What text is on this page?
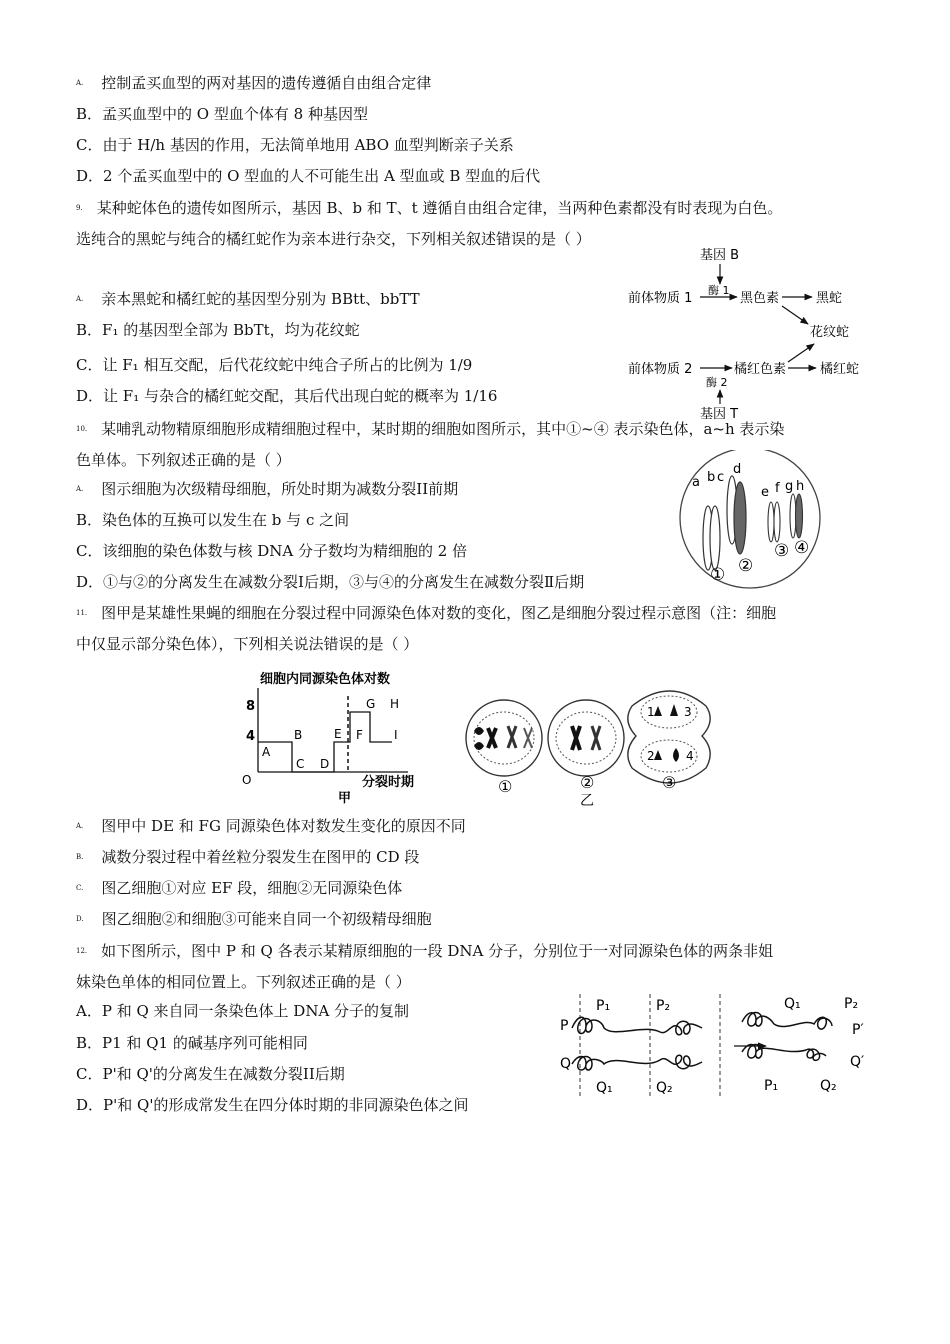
$^{A.}$ 控制孟买血型的两对基因的遗传遵循自由组合定律
B．孟买血型中的 O 型血个体有 8 种基因型
C．由于 H/h 基因的作用，无法简单地用 ABO 血型判断亲子关系
D．2 个孟买血型中的 O 型血的人不可能生出 A 型血或 B 型血的后代
$^{9.}$ 某种蛇体色的遗传如图所示，基因 B、b 和 T、t 遵循自由组合定律，当两种色素都没有时表现为白色。
选纯合的黑蛇与纯合的橘红蛇作为亲本进行杂交，下列相关叙述错误的是（ ）
$^{A.}$ 亲本黑蛇和橘红蛇的基因型分别为 BBtt、bbTT
B．F₁ 的基因型全部为 BbTt，均为花纹蛇
C．让 F₁ 相互交配，后代花纹蛇中纯合子所占的比例为 1/9
D．让 F₁ 与杂合的橘红蛇交配，其后代出现白蛇的概率为 1/16
基因 B
酶 1
前体物质 1	黑色素	黑蛇
花纹蛇
前体物质 2	橘红色素	橘红蛇
酶 2
基因 T
$^{10.}$ 某哺乳动物精原细胞形成精细胞过程中，某时期的细胞如图所示，其中①~④ 表示染色体，a~h 表示染
色单体。下列叙述正确的是（ ）
$^{A.}$ 图示细胞为次级精母细胞，所处时期为减数分裂II前期
B．染色体的互换可以发生在 b 与 c 之间
C．该细胞的染色体数与核 DNA 分子数均为精细胞的 2 倍
D．①与②的分离发生在减数分裂I后期，③与④的分离发生在减数分裂Ⅱ后期
a b c
d
e f g h
① ②
③ ④
$^{11.}$ 图甲是某雄性果蝇的细胞在分裂过程中同源染色体对数的变化，图乙是细胞分裂过程示意图（注：细胞
中仅显示部分染色体），下列相关说法错误的是（ ）
细胞内同源染色体对数
O
4
8
A
B
C D
E F
G H
I
分裂时期
甲
①	②
乙
1 3
2	4
③
$^{A.}$ 图甲中 DE 和 FG 同源染色体对数发生变化的原因不同
$^{B.}$ 减数分裂过程中着丝粒分裂发生在图甲的 CD 段
$^{C.}$ 图乙细胞①对应 EF 段，细胞②无同源染色体
$^{D.}$ 图乙细胞②和细胞③可能来自同一个初级精母细胞
$^{12.}$ 如下图所示，图中 P 和 Q 各表示某精原细胞的一段 DNA 分子，分别位于一对同源染色体的两条非姐
妹染色单体的相同位置上。下列叙述正确的是（ ）
A．P 和 Q 来自同一条染色体上 DNA 分子的复制
B．P1 和 Q1 的碱基序列可能相同
C．P'和 Q'的分离发生在减数分裂II后期
D．P'和 Q'的形成常发生在四分体时期的非同源染色体之间
P
Q
P₁	P₂
Q₁	Q₂
Q₁	P₂
P′
Q′
P₁	Q₂
